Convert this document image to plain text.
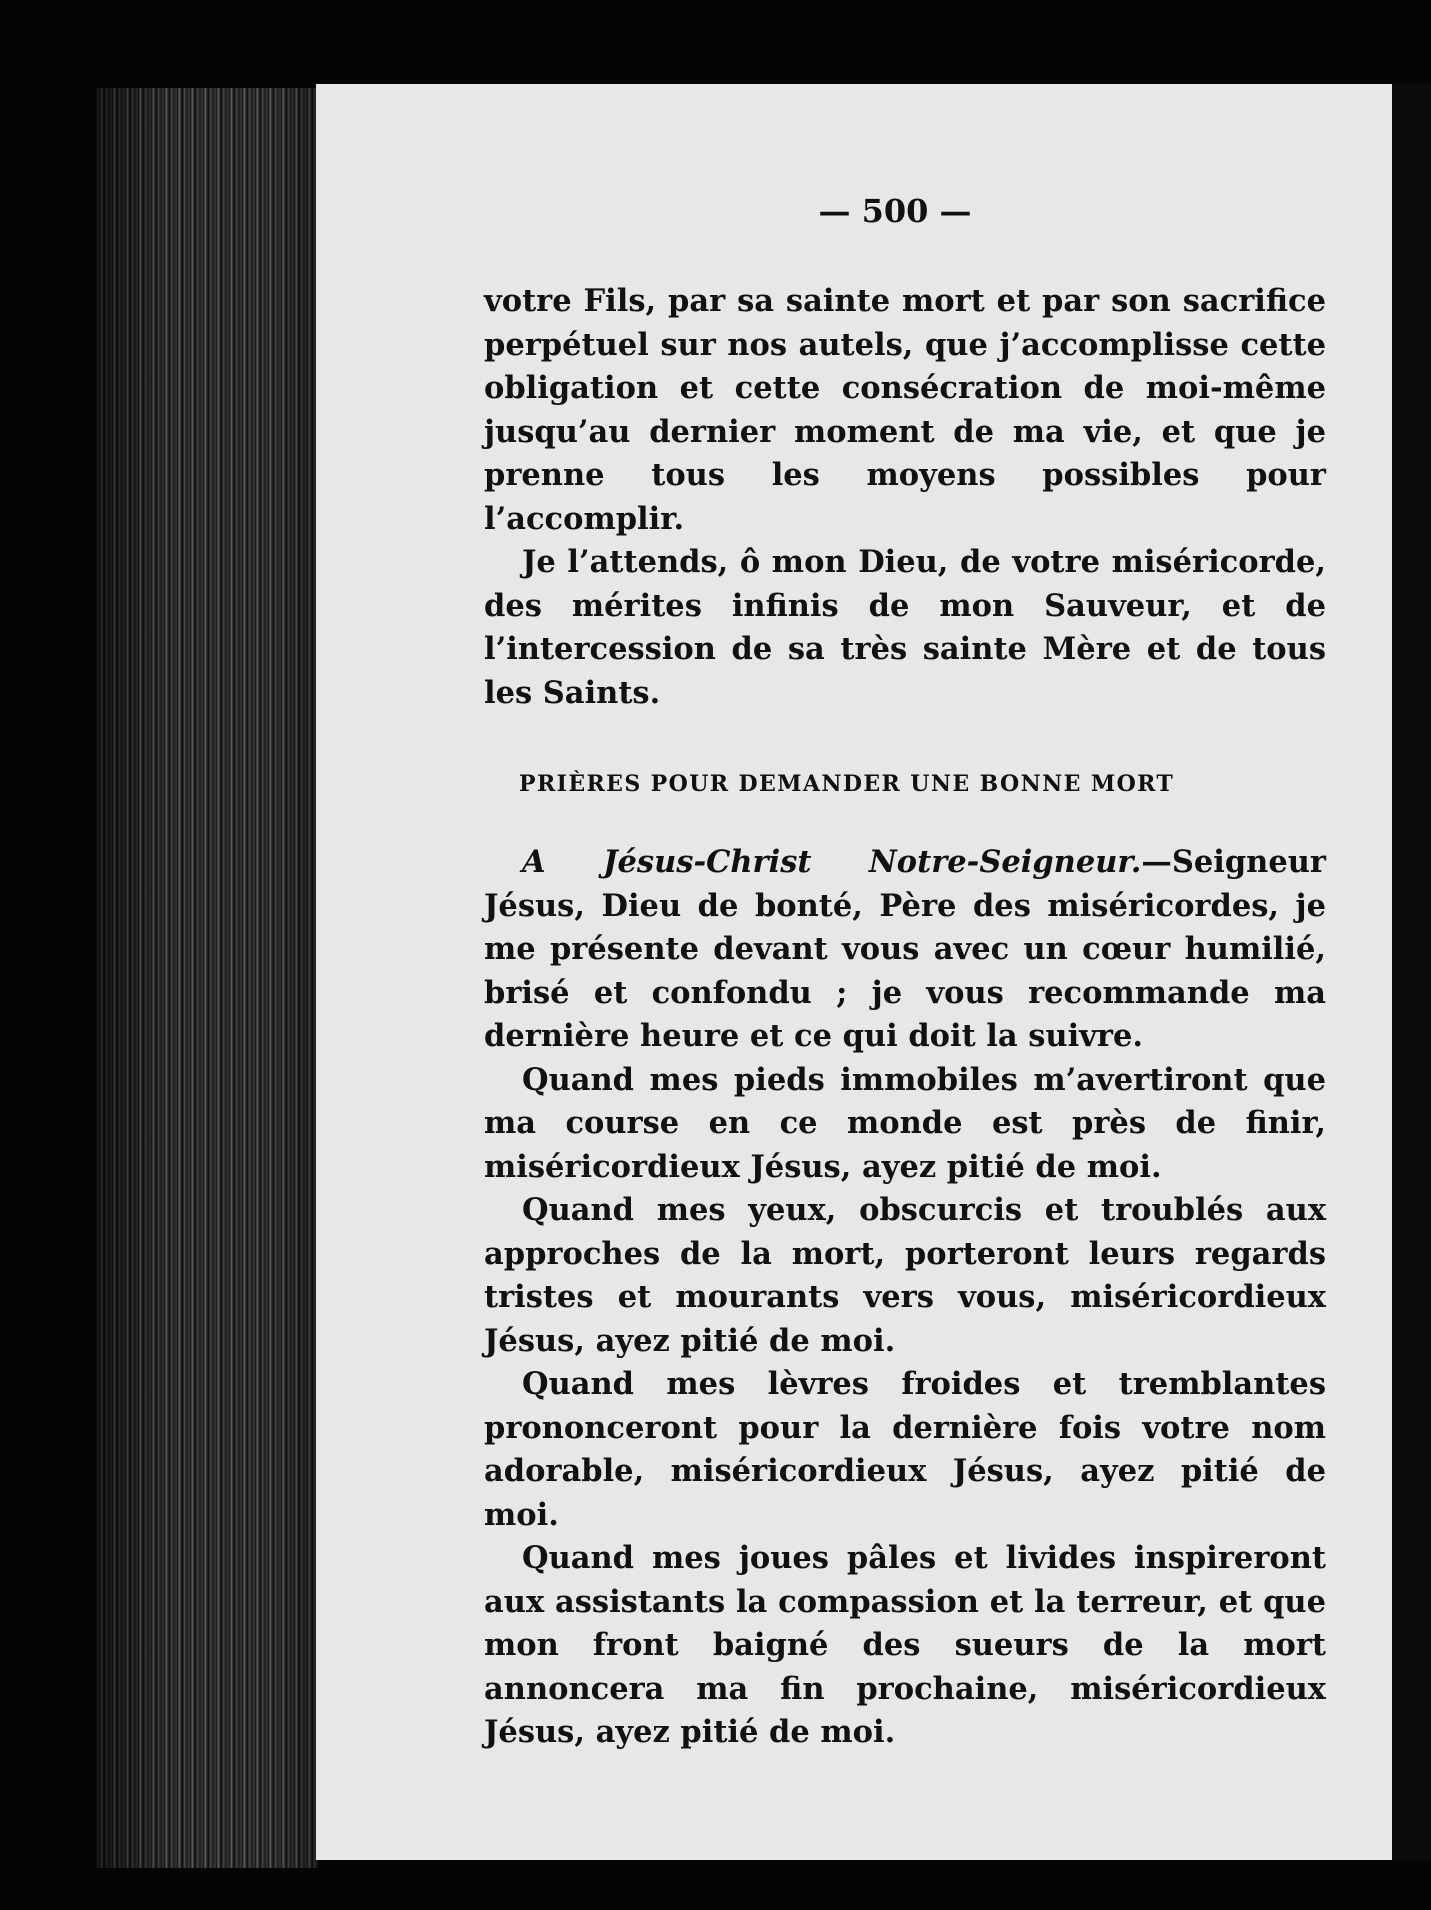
— 500 —

votre Fils, par sa sainte mort et par son sacrifice perpétuel sur nos autels, que j’accomplisse cette obligation et cette consécration de moi-même jusqu’au dernier moment de ma vie, et que je prenne tous les moyens possibles pour l’accomplir.

Je l’attends, ô mon Dieu, de votre miséricorde, des mérites infinis de mon Sauveur, et de l’intercession de sa très sainte Mère et de tous les Saints.

PRIÈRES POUR DEMANDER UNE BONNE MORT

A Jésus-Christ Notre-Seigneur.—Seigneur Jésus, Dieu de bonté, Père des miséricordes, je me présente devant vous avec un cœur humilié, brisé et confondu ; je vous recommande ma dernière heure et ce qui doit la suivre.

Quand mes pieds immobiles m’avertiront que ma course en ce monde est près de finir, miséricordieux Jésus, ayez pitié de moi.

Quand mes yeux, obscurcis et troublés aux approches de la mort, porteront leurs regards tristes et mourants vers vous, miséricordieux Jésus, ayez pitié de moi.

Quand mes lèvres froides et tremblantes prononceront pour la dernière fois votre nom adorable, miséricordieux Jésus, ayez pitié de moi.

Quand mes joues pâles et livides inspireront aux assistants la compassion et la terreur, et que mon front baigné des sueurs de la mort annoncera ma fin prochaine, miséricordieux Jésus, ayez pitié de moi.
